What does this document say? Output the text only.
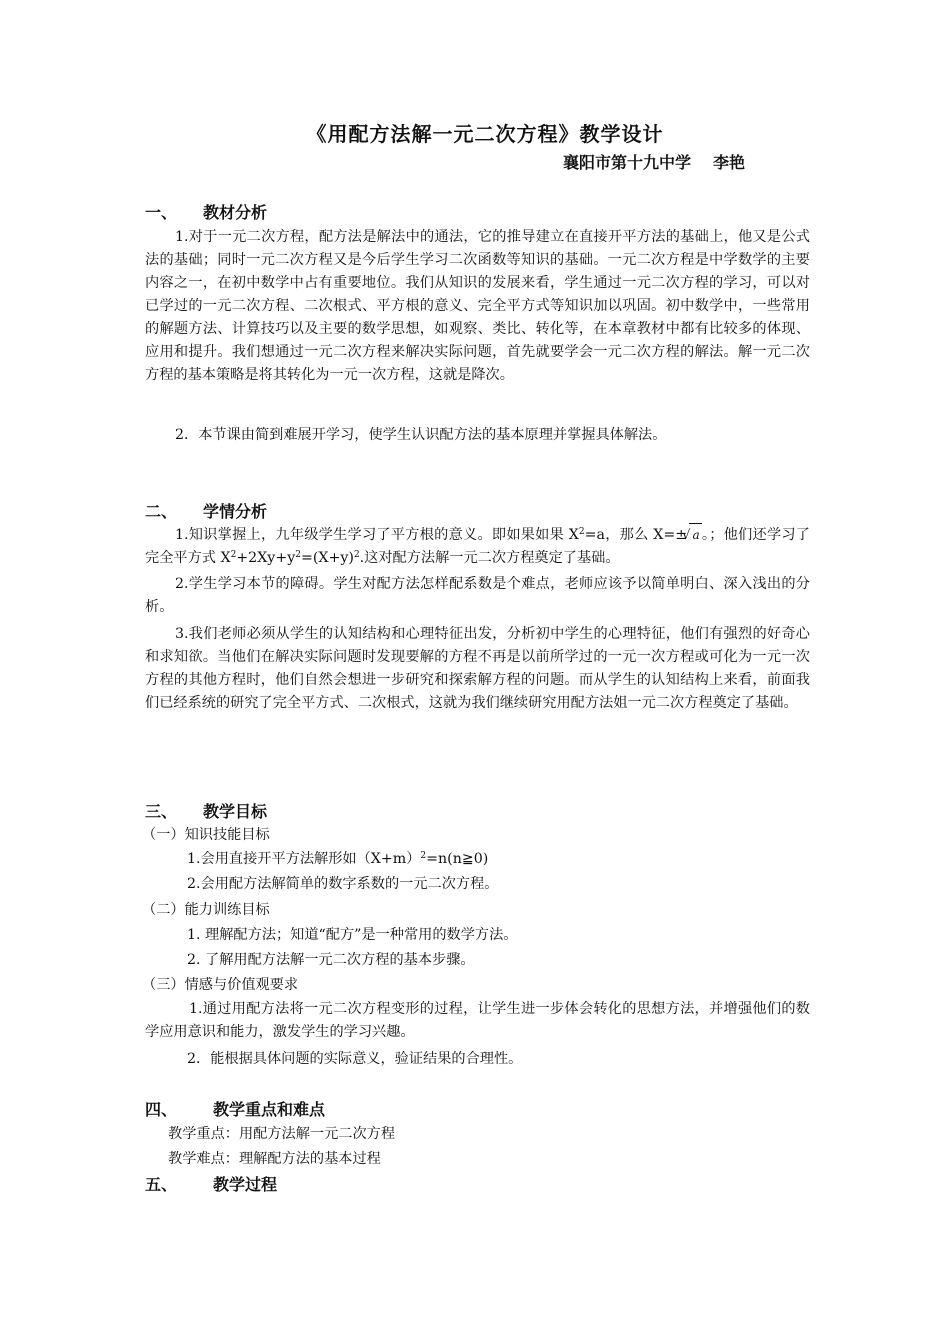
《用配方法解一元二次方程》教学设计
襄阳市第十九中学 李艳
一、 教材分析
1.对于一元二次方程，配方法是解法中的通法，它的推导建立在直接开平方法的基础上，他又是公式法的基础；同时一元二次方程又是今后学生学习二次函数等知识的基础。一元二次方程是中学数学的主要内容之一，在初中数学中占有重要地位。我们从知识的发展来看，学生通过一元二次方程的学习，可以对已学过的一元二次方程、二次根式、平方根的意义、完全平方式等知识加以巩固。初中数学中，一些常用的解题方法、计算技巧以及主要的数学思想，如观察、类比、转化等，在本章教材中都有比较多的体现、应用和提升。我们想通过一元二次方程来解决实际问题，首先就要学会一元二次方程的解法。解一元二次方程的基本策略是将其转化为一元一次方程，这就是降次。
2．本节课由简到难展开学习，使学生认识配方法的基本原理并掌握具体解法。
二、 学情分析
1.知识掌握上，九年级学生学习了平方根的意义。即如果如果 $X^2=a$，那么 X=±√ a 。；他们还学习了完全平方式 $X^2+2Xy+y^2=(X+y)^2$.这对配方法解一元二次方程奠定了基础。
2.学生学习本节的障碍。学生对配方法怎样配系数是个难点，老师应该予以简单明白、深入浅出的分析。
3.我们老师必须从学生的认知结构和心理特征出发，分析初中学生的心理特征，他们有强烈的好奇心和求知欲。当他们在解决实际问题时发现要解的方程不再是以前所学过的一元一次方程或可化为一元一次方程的其他方程时，他们自然会想进一步研究和探索解方程的问题。而从学生的认知结构上来看，前面我们已经系统的研究了完全平方式、二次根式，这就为我们继续研究用配方法姐一元二次方程奠定了基础。
三、 教学目标
（一）知识技能目标
1.会用直接开平方法解形如$(X+m)^2=n(n≧0)$
2.会用配方法解简单的数字系数的一元二次方程。
（二）能力训练目标
1. 理解配方法；知道“配方”是一种常用的数学方法。
2. 了解用配方法解一元二次方程的基本步骤。
（三）情感与价值观要求
1.通过用配方法将一元二次方程变形的过程，让学生进一步体会转化的思想方法，并增强他们的数学应用意识和能力，激发学生的学习兴趣。
2．能根据具体问题的实际意义，验证结果的合理性。
四、 教学重点和难点
教学重点：用配方法解一元二次方程
教学难点：理解配方法的基本过程
五、 教学过程
